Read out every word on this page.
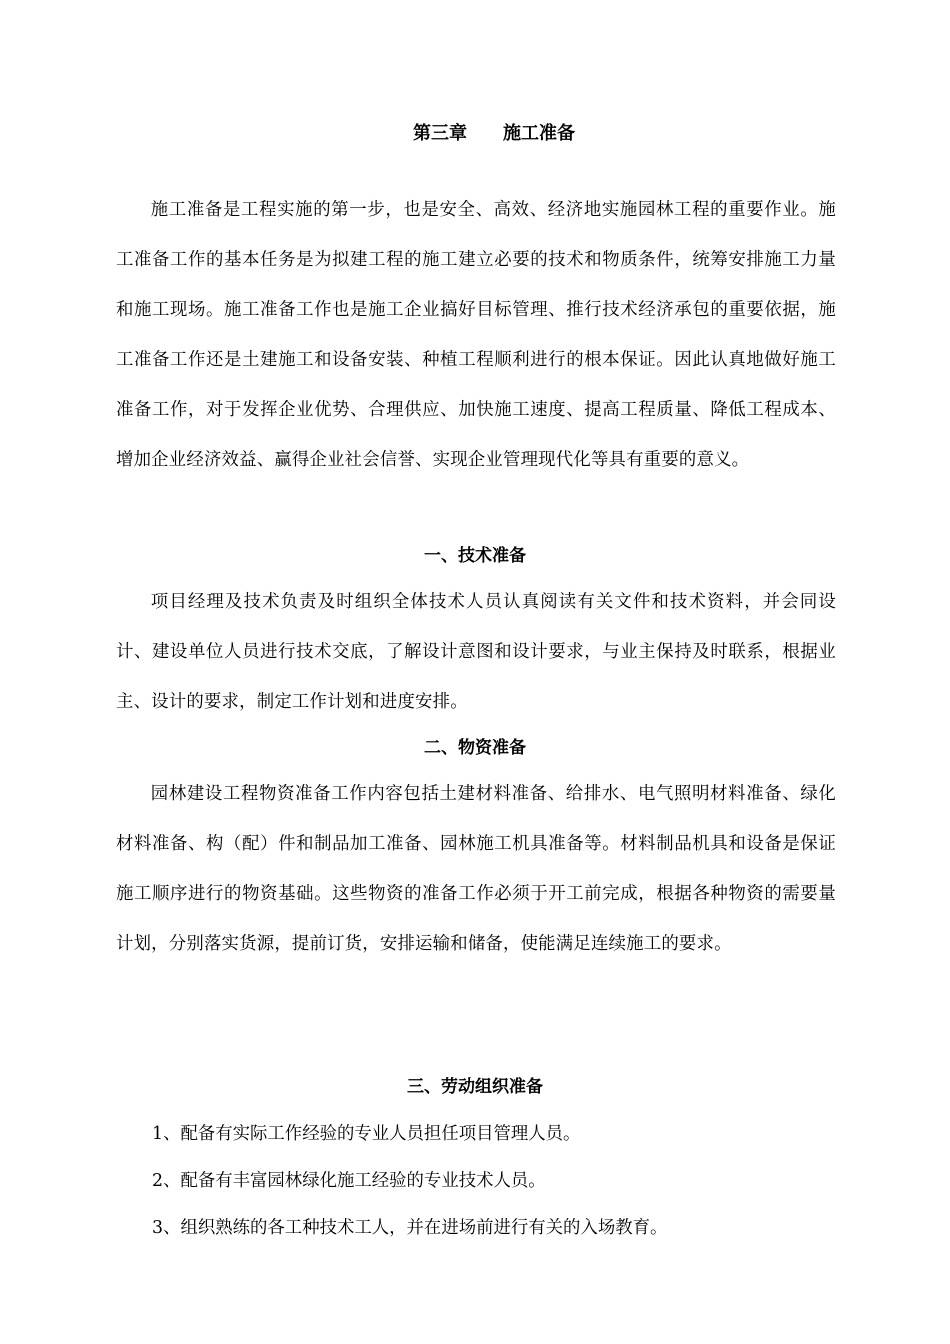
第三章　　施工准备
施工准备是工程实施的第一步，也是安全、高效、经济地实施园林工程的重要作业。施工准备工作的基本任务是为拟建工程的施工建立必要的技术和物质条件，统筹安排施工力量和施工现场。施工准备工作也是施工企业搞好目标管理、推行技术经济承包的重要依据，施工准备工作还是土建施工和设备安装、种植工程顺利进行的根本保证。因此认真地做好施工准备工作，对于发挥企业优势、合理供应、加快施工速度、提高工程质量、降低工程成本、增加企业经济效益、赢得企业社会信誉、实现企业管理现代化等具有重要的意义。
一、技术准备
项目经理及技术负责及时组织全体技术人员认真阅读有关文件和技术资料，并会同设计、建设单位人员进行技术交底，了解设计意图和设计要求，与业主保持及时联系，根据业主、设计的要求，制定工作计划和进度安排。
二、物资准备
园林建设工程物资准备工作内容包括土建材料准备、给排水、电气照明材料准备、绿化材料准备、构（配）件和制品加工准备、园林施工机具准备等。材料制品机具和设备是保证施工顺序进行的物资基础。这些物资的准备工作必须于开工前完成，根据各种物资的需要量计划，分别落实货源，提前订货，安排运输和储备，使能满足连续施工的要求。
三、劳动组织准备
1、配备有实际工作经验的专业人员担任项目管理人员。
2、配备有丰富园林绿化施工经验的专业技术人员。
3、组织熟练的各工种技术工人，并在进场前进行有关的入场教育。
